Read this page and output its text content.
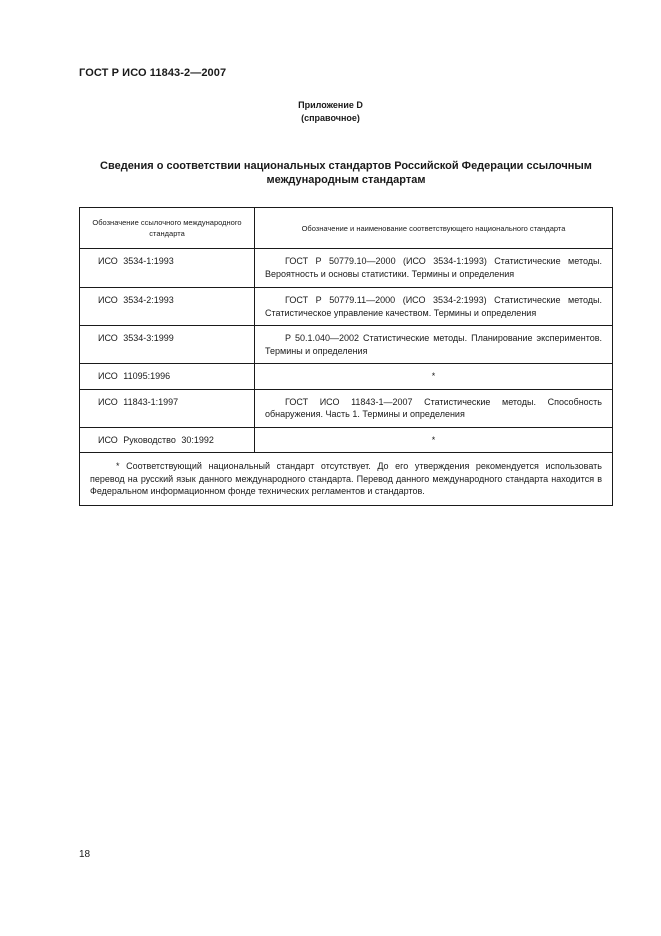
ГОСТ Р ИСО 11843-2—2007
Приложение D
(справочное)
Сведения о соответствии национальных стандартов Российской Федерации ссылочным международным стандартам
Обозначение ссылочного международного стандарта	Обозначение и наименование соответствующего национального стандарта
ИСО 3534-1:1993	ГОСТ Р 50779.10—2000 (ИСО 3534-1:1993) Статистические методы. Вероятность и основы статистики. Термины и определения
ИСО 3534-2:1993	ГОСТ Р 50779.11—2000 (ИСО 3534-2:1993) Статистические методы. Статистическое управление качеством. Термины и определения
ИСО 3534-3:1999	Р 50.1.040—2002 Статистические методы. Планирование экспериментов. Термины и определения
ИСО 11095:1996	*
ИСО 11843-1:1997	ГОСТ ИСО 11843-1—2007 Статистические методы. Способность обнаружения. Часть 1. Термины и определения
ИСО Руководство 30:1992	*
* Соответствующий национальный стандарт отсутствует. До его утверждения рекомендуется использовать перевод на русский язык данного международного стандарта. Перевод данного международного стандарта находится в Федеральном информационном фонде технических регламентов и стандартов.
18
